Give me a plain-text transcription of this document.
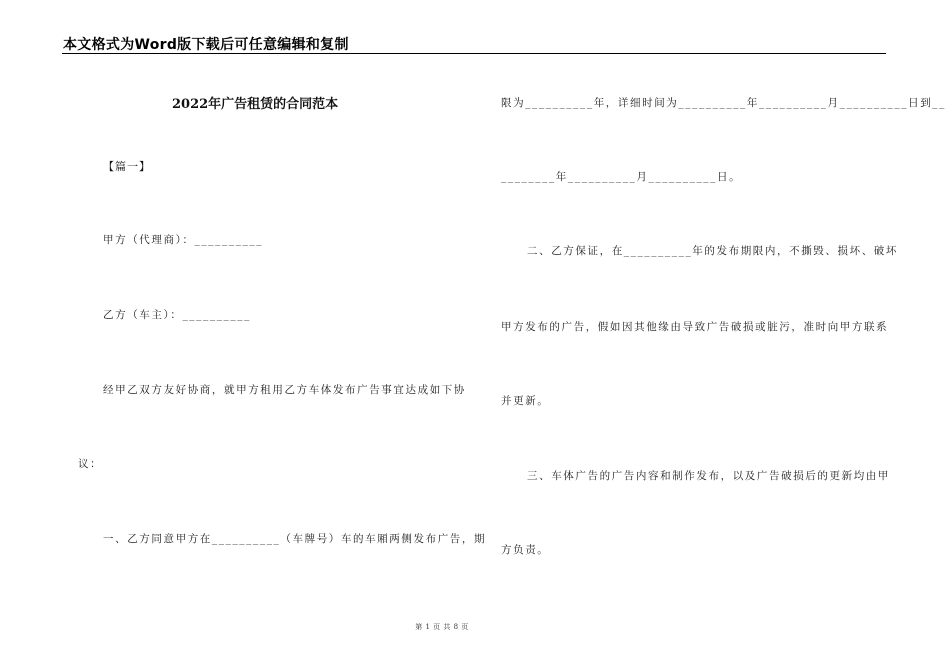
本文格式为Word版下载后可任意编辑和复制
2022年广告租赁的合同范本
【篇一】
甲方（代理商）：__________
乙方（车主）：__________
经甲乙双方友好协商，就甲方租用乙方车体发布广告事宜达成如下协
议：
一、乙方同意甲方在__________（车牌号）车的车厢两侧发布广告，期
限为__________年，详细时间为__________年__________月__________日到__
________年__________月__________日。
二、乙方保证，在__________年的发布期限内，不撕毁、损坏、破坏
甲方发布的广告，假如因其他缘由导致广告破损或脏污，准时向甲方联系
并更新。
三、车体广告的广告内容和制作发布，以及广告破损后的更新均由甲
方负责。
第 1 页 共 8 页
